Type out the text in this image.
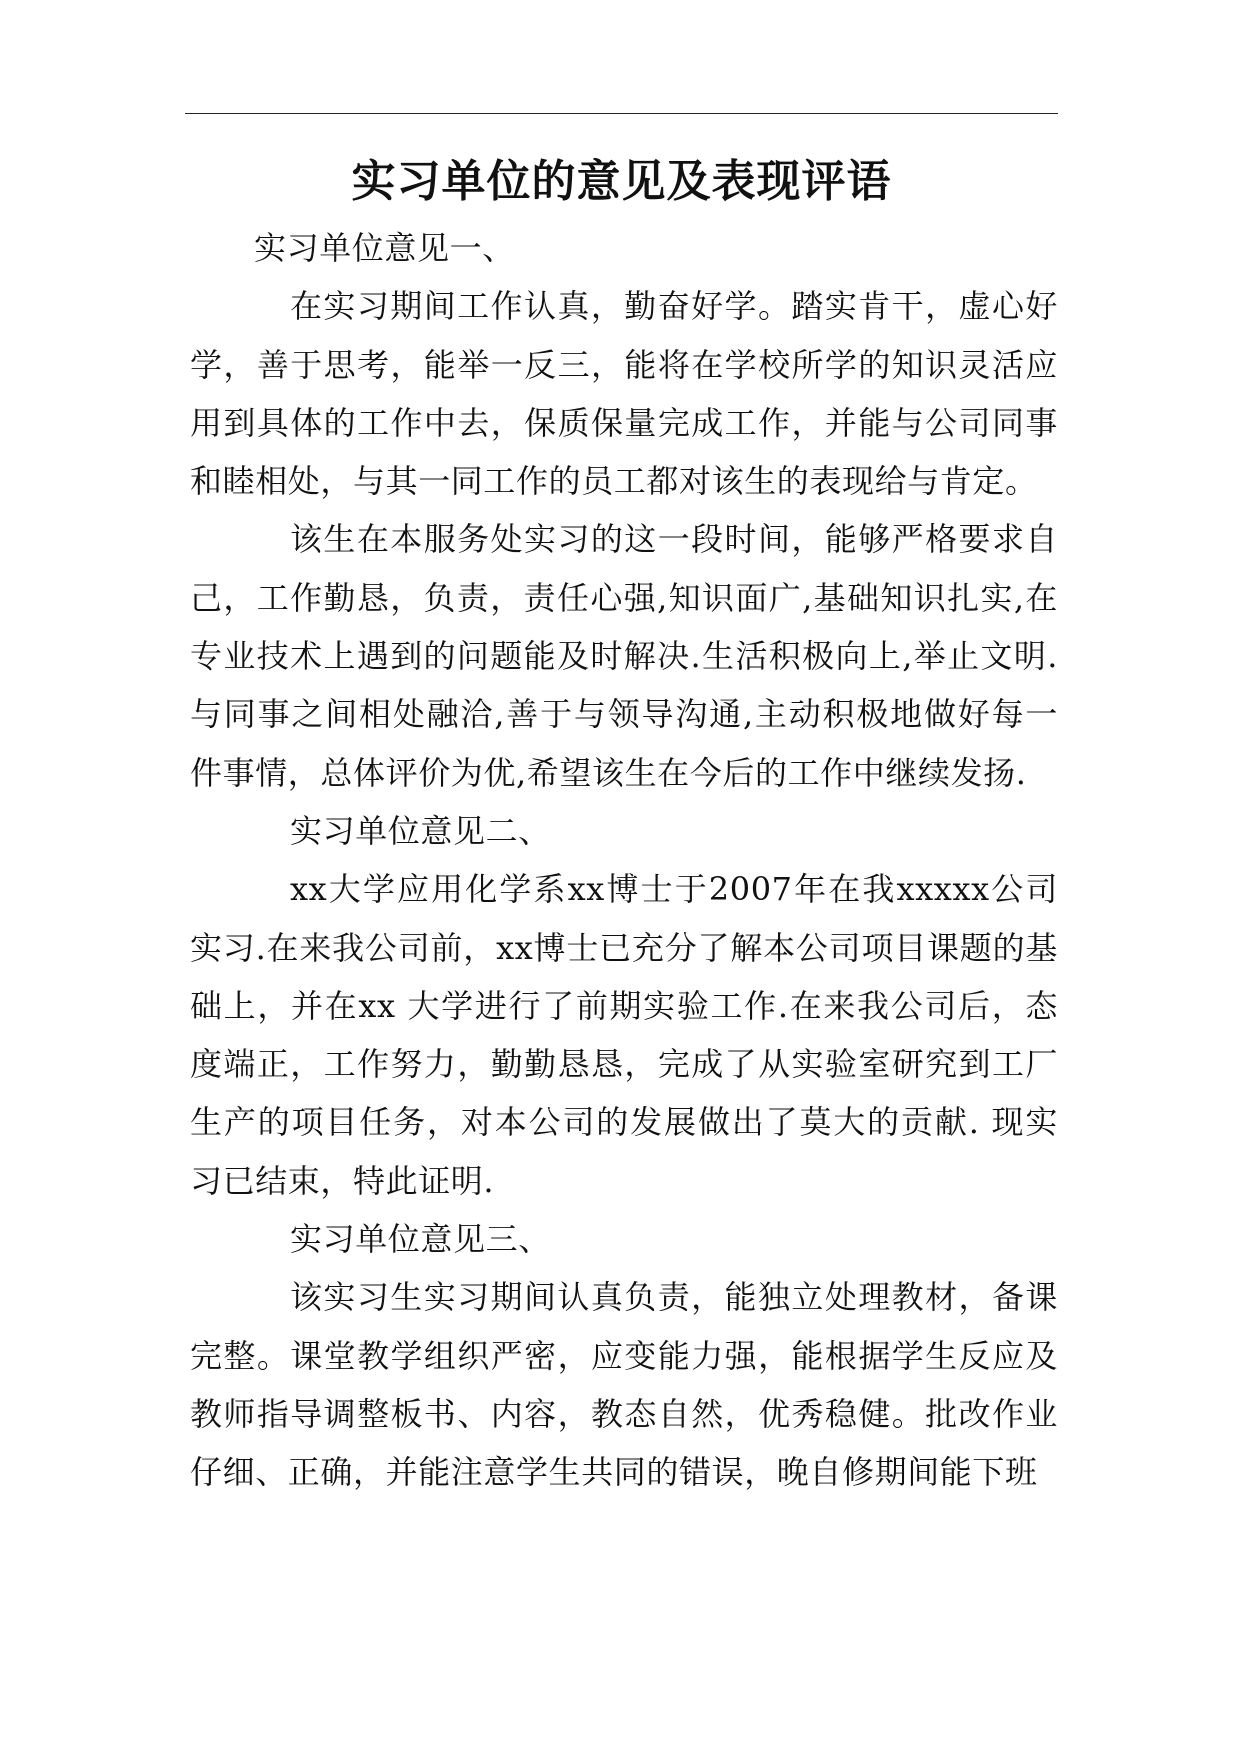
实习单位的意见及表现评语

实习单位意见一、

在实习期间工作认真，勤奋好学。踏实肯干，虚心好学，善于思考，能举一反三，能将在学校所学的知识灵活应用到具体的工作中去，保质保量完成工作，并能与公司同事和睦相处，与其一同工作的员工都对该生的表现给与肯定。

该生在本服务处实习的这一段时间，能够严格要求自己，工作勤恳，负责，责任心强,知识面广,基础知识扎实,在专业技术上遇到的问题能及时解决.生活积极向上,举止文明.与同事之间相处融洽,善于与领导沟通,主动积极地做好每一件事情，总体评价为优,希望该生在今后的工作中继续发扬.

实习单位意见二、

xx大学应用化学系xx博士于2007年在我xxxxx公司实习.在来我公司前，xx博士已充分了解本公司项目课题的基础上，并在xx 大学进行了前期实验工作.在来我公司后，态度端正，工作努力，勤勤恳恳，完成了从实验室研究到工厂生产的项目任务，对本公司的发展做出了莫大的贡献. 现实习已结束，特此证明.

实习单位意见三、

该实习生实习期间认真负责，能独立处理教材，备课完整。课堂教学组织严密，应变能力强，能根据学生反应及教师指导调整板书、内容，教态自然，优秀稳健。批改作业仔细、正确，并能注意学生共同的错误，晚自修期间能下班
